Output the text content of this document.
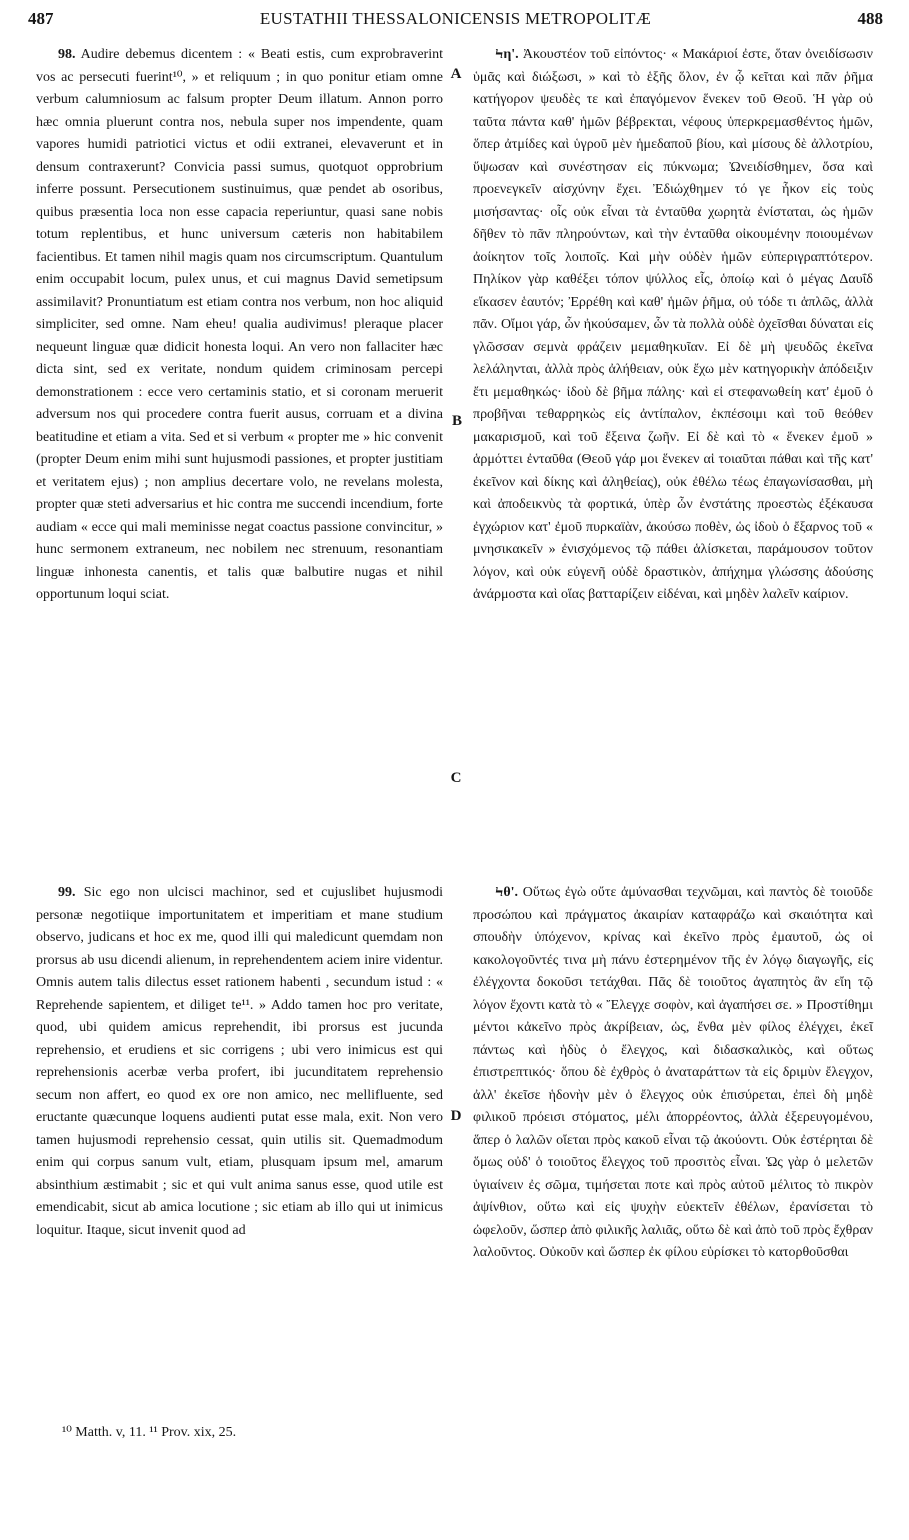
487	EUSTATHII THESSALONICENSIS METROPOLITÆ	488

98. Audire debemus dicentem : « Beati estis, cum exprobraverint vos ac persecuti fuerint¹⁰, » et reliquum ; in quo ponitur etiam omne verbum calumniosum ac falsum propter Deum illatum. Annon porro hæc omnia pluerunt contra nos, nebula super nos impendente, quam vapores humidi patriotici victus et odii extranei, elevaverunt et in densum contraxerunt? Convicia passi sumus, quotquot opprobrium inferre possunt. Persecutionem sustinuimus, quæ pendet ab osoribus, quibus præsentia loca non esse capacia reperiuntur, quasi sane nobis totum replentibus, et hunc universum cæteris non habitabilem facientibus. Et tamen nihil magis quam nos circumscriptum. Quantulum enim occupabit locum, pulex unus, et cui magnus David semetipsum assimilavit? Pronuntiatum est etiam contra nos verbum, non hoc aliquid simpliciter, sed omne. Nam eheu! qualia audivimus! pleraque placer nequeunt linguæ quæ didicit honesta loqui. An vero non fallaciter hæc dicta sint, sed ex veritate, nondum quidem criminosam percepi demonstrationem : ecce vero certaminis statio, et si coronam meruerit adversum nos qui procedere contra fuerit ausus, corruam et a divina beatitudine et etiam a vita. Sed et si verbum « propter me » hic convenit (propter Deum enim mihi sunt hujusmodi passiones, et propter justitiam et veritatem ejus) ; non amplius decertare volo, ne revelans molesta, propter quæ steti adversarius et hic contra me succendi incendium, forte audiam « ecce qui mali meminisse negat coactus passione convincitur, » hunc sermonem extraneum, nec nobilem nec strenuum, resonantiam linguæ inhonesta canentis, et talis quæ balbutire nugas et nihil opportunum loqui sciat.

99. Sic ego non ulcisci machinor, sed et cujuslibet hujusmodi personæ negotiique importunitatem et imperitiam et mane studium observo, judicans et hoc ex me, quod illi qui maledicunt quemdam non prorsus ab usu dicendi alienum, in reprehendentem aciem inire videntur. Omnis autem talis dilectus esset rationem habenti , secundum istud : « Reprehende sapientem, et diliget te¹¹. » Addo tamen hoc pro veritate, quod, ubi quidem amicus reprehendit, ibi prorsus est jucunda reprehensio, et erudiens et sic corrigens ; ubi vero inimicus est qui reprehensionis acerbæ verba profert, ibi jucunditatem reprehensio secum non affert, eo quod ex ore non amico, nec mellifluente, sed eructante quæcunque loquens audienti putat esse mala, exit. Non vero tamen hujusmodi reprehensio cessat, quin utilis sit. Quemadmodum enim qui corpus sanum vult, etiam, plusquam ipsum mel, amarum absinthium æstimabit ; sic et qui vult anima sanus esse, quod utile est emendicabit, sicut ab amica locutione ; sic etiam ab illo qui ut inimicus loquitur. Itaque, sicut invenit quod ad

Ϟη'. Ἀκουστέον τοῦ εἰπόντος· « Μακάριοί ἐστε, ὅταν ὀνειδίσωσιν ὑμᾶς καὶ διώξωσι, » καὶ τὸ ἑξῆς ὅλον, ἐν ᾧ κεῖται καὶ πᾶν ῥῆμα κατήγορον ψευδὲς τε καὶ ἐπαγόμενον ἕνεκεν τοῦ Θεοῦ. Ἡ γὰρ οὐ ταῦτα πάντα καθ' ἡμῶν βέβρεκται, νέφους ὑπερκρεμασθέντος ἡμῶν, ὅπερ ἀτμίδες καὶ ὑγροῦ μὲν ἡμεδαποῦ βίου, καὶ μίσους δὲ ἀλλοτρίου, ὕψωσαν καὶ συνέστησαν εἰς πύκνωμα; Ὠνειδίσθημεν, ὅσα καὶ προενεγκεῖν αἰσχύνην ἔχει. Ἐδιώχθημεν τό γε ἧκον εἰς τοὺς μισήσαντας· οἷς οὐκ εἶναι τὰ ἐνταῦθα χωρητὰ ἐνίσταται, ὡς ἡμῶν δῆθεν τὸ πᾶν πληρούντων, καὶ τὴν ἐνταῦθα οἰκουμένην ποιουμένων ἀοίκητον τοῖς λοιποῖς. Καὶ μὴν οὐδὲν ἡμῶν εὐπεριγραπτότερον. Πηλίκον γὰρ καθέξει τόπον ψύλλος εἷς, ὁποίῳ καὶ ὁ μέγας Δαυΐδ εἴκασεν ἑαυτόν; Ἐρρέθη καὶ καθ' ἡμῶν ῥῆμα, οὐ τόδε τι ἁπλῶς, ἀλλὰ πᾶν. Οἴμοι γάρ, ὧν ἠκούσαμεν, ὧν τὰ πολλὰ οὐδὲ ὀχεῖσθαι δύναται εἰς γλῶσσαν σεμνὰ φράζειν μεμαθηκυῖαν. Εἰ δὲ μὴ ψευδῶς ἐκεῖνα λελάληνται, ἀλλὰ πρὸς ἀλήθειαν, οὐκ ἔχω μὲν κατηγορικὴν ἀπόδειξιν ἔτι μεμαθηκώς· ἰδοὺ δὲ βῆμα πάλης· καὶ εἰ στεφανωθείη κατ' ἐμοῦ ὁ προβῆναι τεθαρρηκὼς εἰς ἀντίπαλον, ἐκπέσοιμι καὶ τοῦ θεόθεν μακαρισμοῦ, καὶ τοῦ ἔξεινα ζωῆν. Εἰ δὲ καὶ τὸ « ἕνεκεν ἐμοῦ » ἁρμόττει ἐνταῦθα (Θεοῦ γάρ μοι ἕνεκεν αἱ τοιαῦται πάθαι καὶ τῆς κατ' ἐκεῖνον καὶ δίκης καὶ ἀληθείας), οὐκ ἐθέλω τέως ἐπαγωνίσασθαι, μὴ καὶ ἀποδεικνὺς τὰ φορτικά, ὑπὲρ ὧν ἐνστάτης προεστὼς ἐξέκαυσα ἐγχώριον κατ' ἐμοῦ πυρκαϊὰν, ἀκούσω ποθὲν, ὡς ἰδοὺ ὁ ἔξαρνος τοῦ « μνησικακεῖν » ἐνισχόμενος τῷ πάθει ἁλίσκεται, παράμουσον τοῦτον λόγον, καὶ οὐκ εὐγενῆ οὐδὲ δραστικὸν, ἀπήχημα γλώσσης ἀδούσης ἀνάρμοστα καὶ οἵας βατταρίζειν εἰδέναι, καὶ μηδὲν λαλεῖν καίριον.

Ϟθ'. Οὕτως ἐγὼ οὔτε ἀμύνασθαι τεχνῶμαι, καὶ παντὸς δὲ τοιοῦδε προσώπου καὶ πράγματος ἀκαιρίαν καταφράζω καὶ σκαιότητα καὶ σπουδὴν ὑπόχενον, κρίνας καὶ ἐκεῖνο πρὸς ἐμαυτοῦ, ὡς οἱ κακολογοῦντές τινα μὴ πάνυ ἐστερημένον τῆς ἐν λόγῳ διαγωγῆς, εἰς ἐλέγχοντα δοκοῦσι τετάχθαι. Πᾶς δὲ τοιοῦτος ἀγαπητὸς ἂν εἴη τῷ λόγον ἔχοντι κατὰ τὸ « Ἔλεγχε σοφὸν, καὶ ἀγαπήσει σε. » Προστίθημι μέντοι κἀκεῖνο πρὸς ἀκρίβειαν, ὡς, ἔνθα μὲν φίλος ἐλέγχει, ἐκεῖ πάντως καὶ ἡδὺς ὁ ἔλεγχος, καὶ διδασκαλικὸς, καὶ οὕτως ἐπιστρεπτικός· ὅπου δὲ ἐχθρὸς ὁ ἀναταράττων τὰ εἰς δριμὺν ἔλεγχον, ἀλλ' ἐκεῖσε ἡδονὴν μὲν ὁ ἔλεγχος οὐκ ἐπισύρεται, ἐπεὶ δὴ μηδὲ φιλικοῦ πρόεισι στόματος, μέλι ἀπορρέοντος, ἀλλὰ ἐξερευγομένου, ἅπερ ὁ λαλῶν οἴεται πρὸς κακοῦ εἶναι τῷ ἀκούοντι. Οὐκ ἐστέρηται δὲ ὅμως οὐδ' ὁ τοιοῦτος ἔλεγχος τοῦ προσιτὸς εἶναι. Ὡς γὰρ ὁ μελετῶν ὑγιαίνειν ἐς σῶμα, τιμήσεται ποτε καὶ πρὸς αὐτοῦ μέλιτος τὸ πικρὸν ἀψίνθιον, οὕτω καὶ εἰς ψυχὴν εὐεκτεῖν ἐθέλων, ἐρανίσεται τὸ ὠφελοῦν, ὥσπερ ἀπὸ φιλικῆς λαλιᾶς, οὕτω δὲ καὶ ἀπὸ τοῦ πρὸς ἔχθραν λαλοῦντος. Οὐκοῦν καὶ ὥσπερ ἐκ φίλου εὑρίσκει τὸ κατορθοῦσθαι

A
B
C
D
¹⁰ Matth. v, 11. ¹¹ Prov. xix, 25.
